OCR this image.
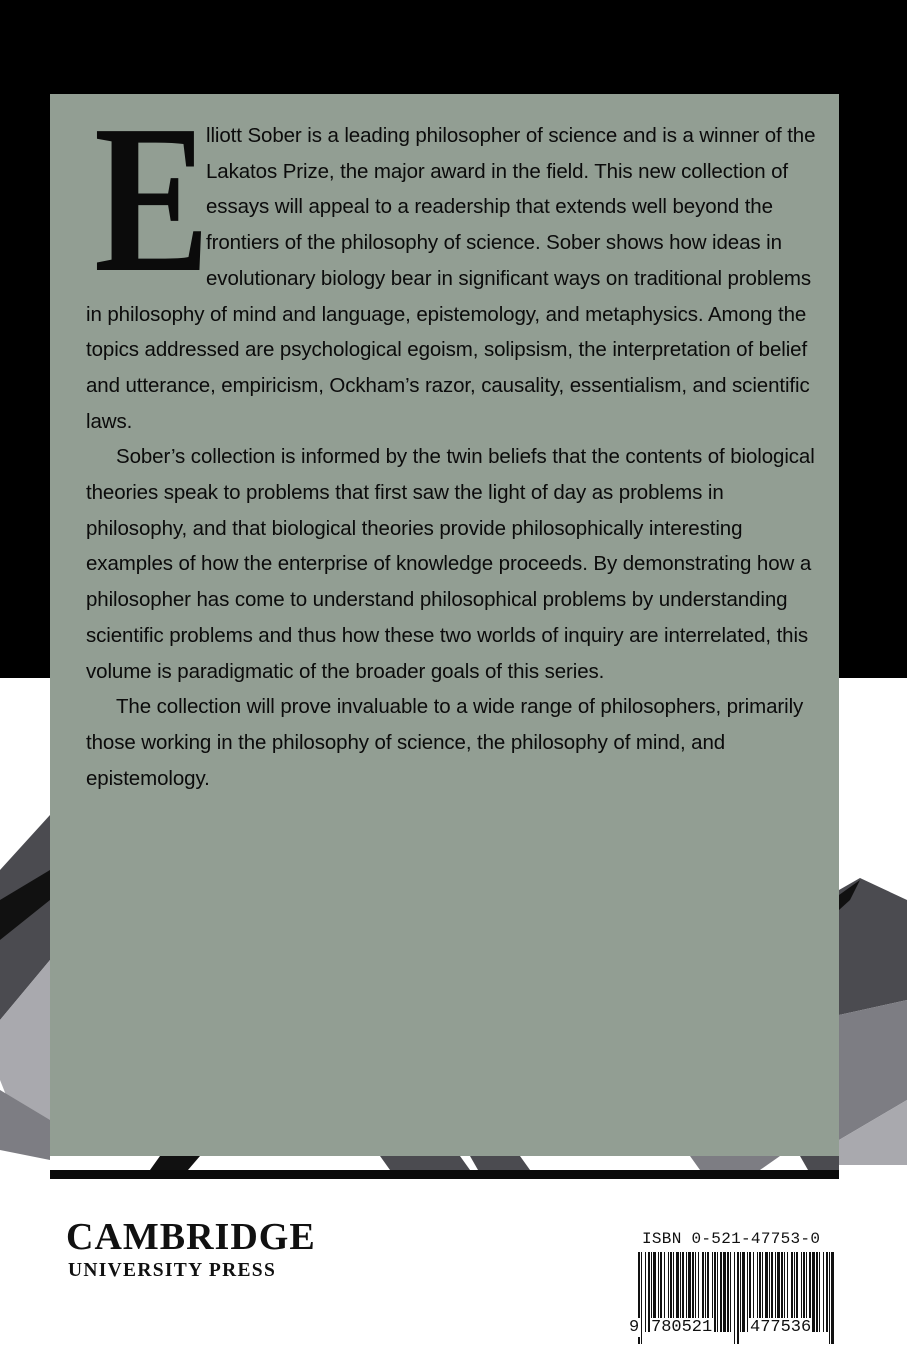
E

lliott Sober is a leading philosopher of science and is a winner of the Lakatos Prize, the major award in the field. This new collection of essays will appeal to a readership that extends well beyond the frontiers of the philosophy of science. Sober shows how ideas in evolutionary biology bear in significant ways on traditional problems in philosophy of mind and language, epistemology, and metaphysics. Among the topics addressed are psychological egoism, solipsism, the interpretation of belief and utterance, empiricism, Ockham’s razor, causality, essentialism, and scientific laws.

Sober’s collection is informed by the twin beliefs that the contents of biological theories speak to problems that first saw the light of day as problems in philosophy, and that biological theories provide philosophically interesting examples of how the enterprise of knowledge proceeds. By demonstrating how a philosopher has come to understand philosophical problems by understanding scientific problems and thus how these two worlds of inquiry are interrelated, this volume is paradigmatic of the broader goals of this series.

The collection will prove invaluable to a wide range of philosophers, primarily those working in the philosophy of science, the philosophy of mind, and epistemology.

CAMBRIDGE
UNIVERSITY PRESS
ISBN 0-521-47753-0
9 780521 477536
